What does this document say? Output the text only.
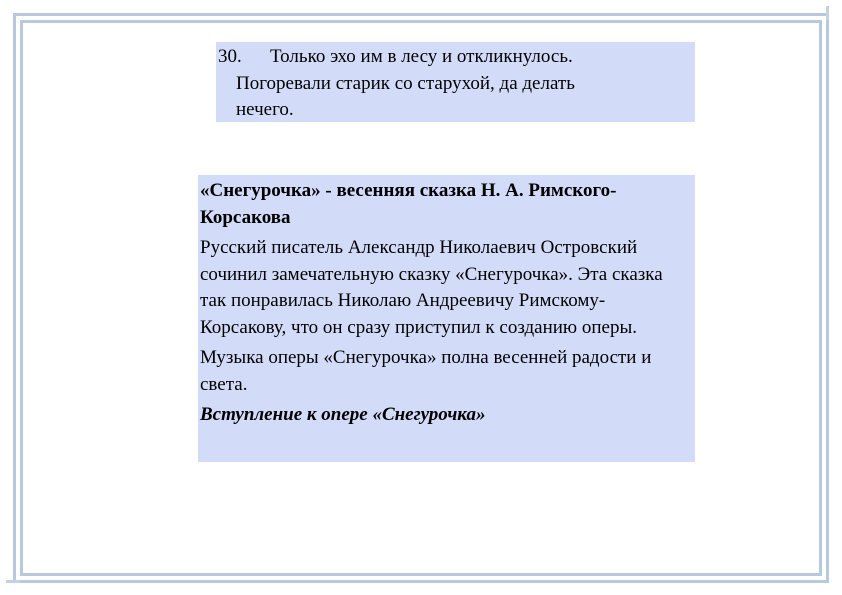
30. Только эхо им в лесу и откликнулось.
Погоревали старик со старухой, да делать
нечего.

«Снегурочка» - весенняя сказка Н. А. Римского-Корсакова

Русский писатель Александр Николаевич Островский сочинил замечательную сказку «Снегурочка». Эта сказка так понравилась Николаю Андреевичу Римскому-Корсакову, что он сразу приступил к созданию оперы.

Музыка оперы «Снегурочка» полна весенней радости и света.

Вступление к опере «Снегурочка»
